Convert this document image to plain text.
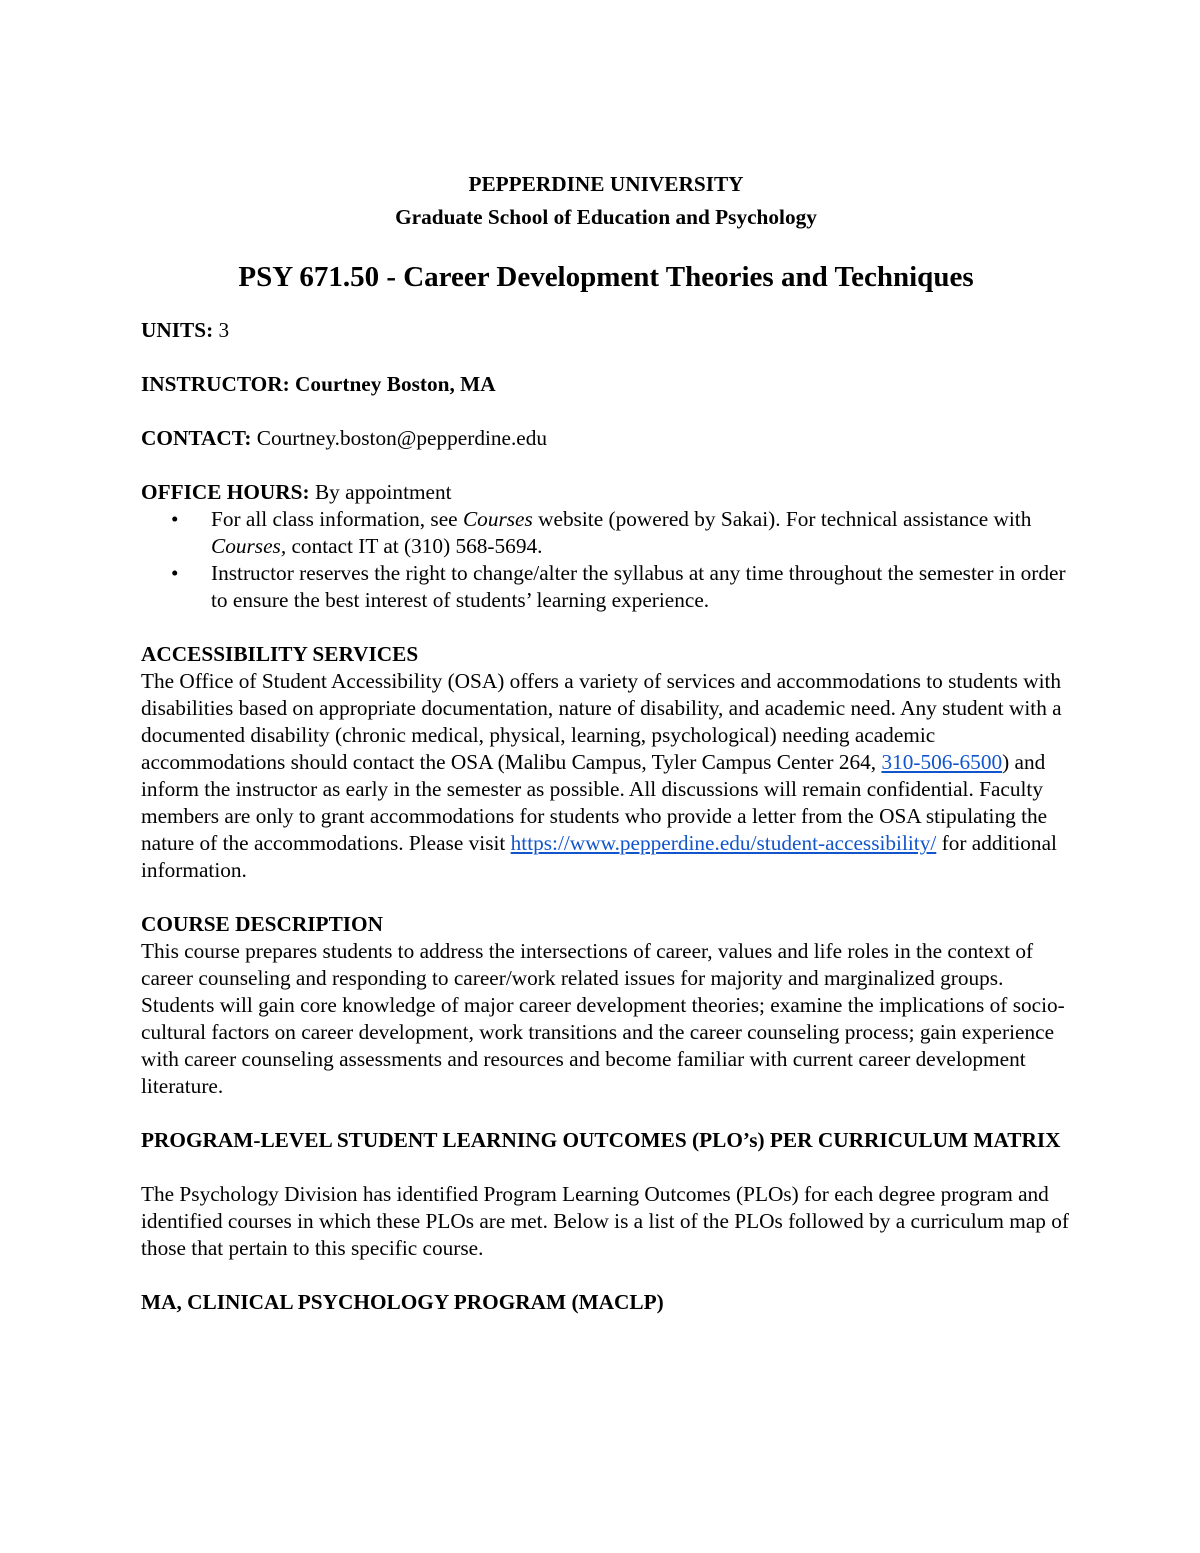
PEPPERDINE UNIVERSITY
Graduate School of Education and Psychology
PSY 671.50 - Career Development Theories and Techniques

UNITS: 3

INSTRUCTOR: Courtney Boston, MA

CONTACT: Courtney.boston@pepperdine.edu

OFFICE HOURS: By appointment

• For all class information, see Courses website (powered by Sakai). For technical assistance with Courses, contact IT at (310) 568-5694.
• Instructor reserves the right to change/alter the syllabus at any time throughout the semester in order to ensure the best interest of students’ learning experience.

ACCESSIBILITY SERVICES

The Office of Student Accessibility (OSA) offers a variety of services and accommodations to students with disabilities based on appropriate documentation, nature of disability, and academic need. Any student with a documented disability (chronic medical, physical, learning, psychological) needing academic accommodations should contact the OSA (Malibu Campus, Tyler Campus Center 264, 310-506-6500) and inform the instructor as early in the semester as possible. All discussions will remain confidential. Faculty members are only to grant accommodations for students who provide a letter from the OSA stipulating the nature of the accommodations. Please visit https://www.pepperdine.edu/student-accessibility/ for additional information.

COURSE DESCRIPTION

This course prepares students to address the intersections of career, values and life roles in the context of career counseling and responding to career/work related issues for majority and marginalized groups. Students will gain core knowledge of major career development theories; examine the implications of socio-cultural factors on career development, work transitions and the career counseling process; gain experience with career counseling assessments and resources and become familiar with current career development literature.

PROGRAM-LEVEL STUDENT LEARNING OUTCOMES (PLO’s) PER CURRICULUM MATRIX

The Psychology Division has identified Program Learning Outcomes (PLOs) for each degree program and identified courses in which these PLOs are met. Below is a list of the PLOs followed by a curriculum map of those that pertain to this specific course.

MA, CLINICAL PSYCHOLOGY PROGRAM (MACLP)
